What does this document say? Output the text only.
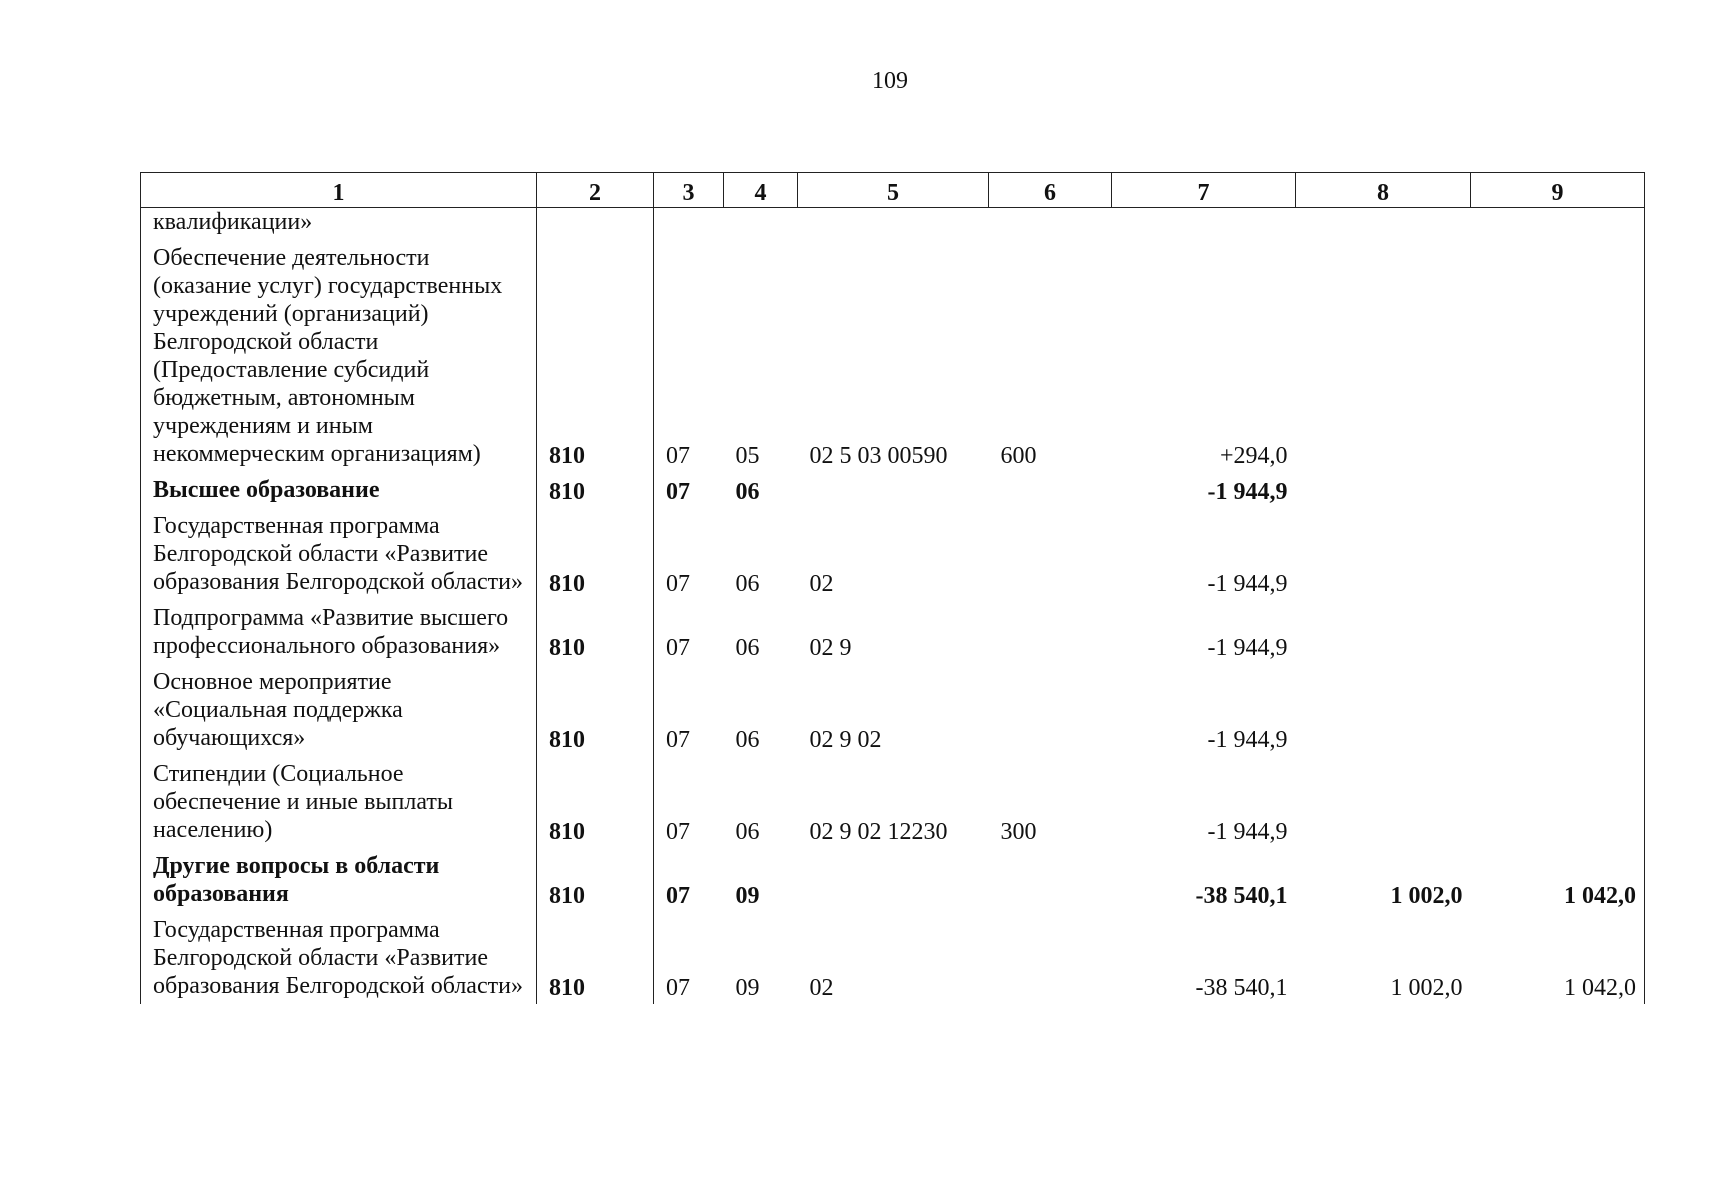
109
1	2	3	4	5	6	7	8	9
квалификации»								
Обеспечение деятельности (оказание услуг) государственных учреждений (организаций) Белгородской области (Предоставление субсидий бюджетным, автономным учреждениям и иным некоммерческим организациям)	810	07	05	02 5 03 00590	600	+294,0		
Высшее образование	810	07	06			-1 944,9		
Государственная программа Белгородской области «Развитие образования Белгородской области»	810	07	06	02		-1 944,9		
Подпрограмма «Развитие высшего профессионального образования»	810	07	06	02 9		-1 944,9		
Основное мероприятие «Социальная поддержка обучающихся»	810	07	06	02 9 02		-1 944,9		
Стипендии (Социальное обеспечение и иные выплаты населению)	810	07	06	02 9 02 12230	300	-1 944,9		
Другие вопросы в области образования	810	07	09			-38 540,1	1 002,0	1 042,0
Государственная программа Белгородской области «Развитие образования Белгородской области»	810	07	09	02		-38 540,1	1 002,0	1 042,0
